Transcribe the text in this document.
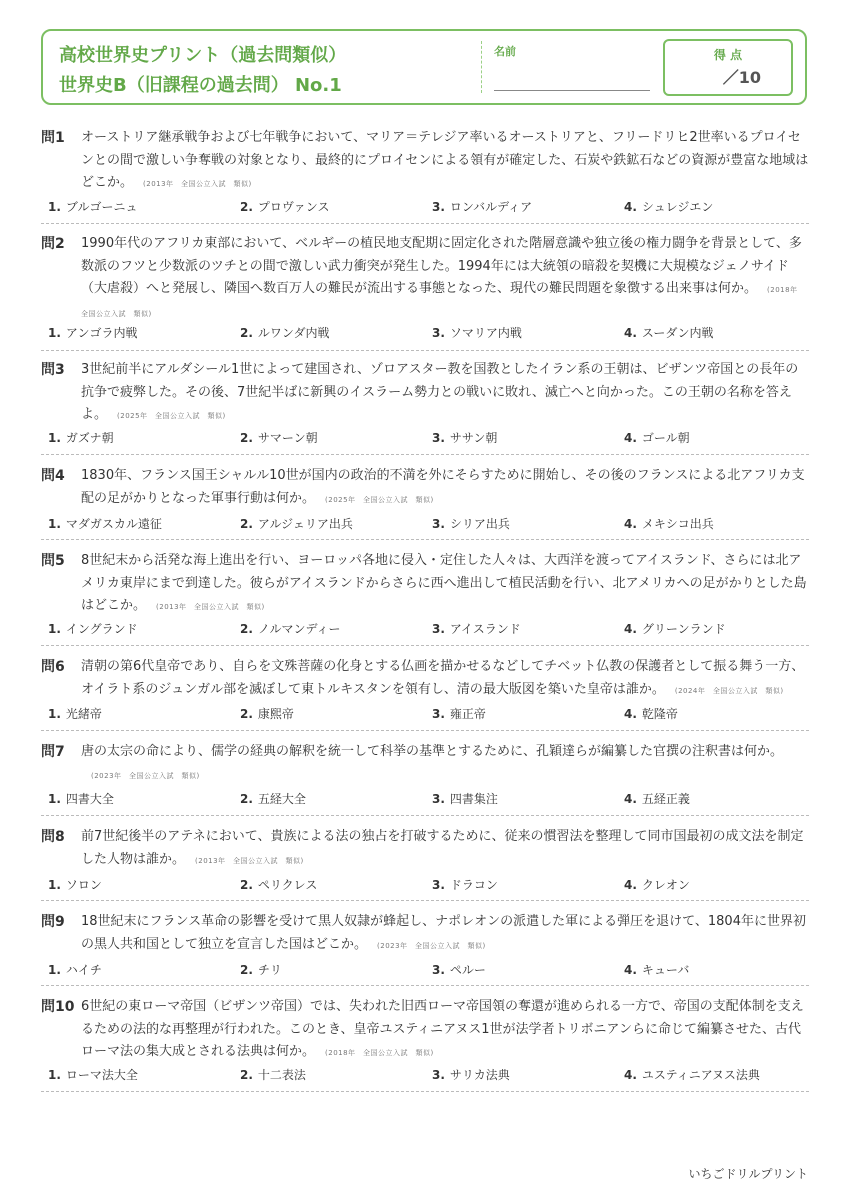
高校世界史プリント（過去問類似）
世界史B（旧課程の過去問） No.1
名前	得 点
／10
問1 オーストリア継承戦争および七年戦争において、マリア＝テレジア率いるオーストリアと、フリードリヒ2世率いるプロイセンとの間で激しい争奪戦の対象となり、最終的にプロイセンによる領有が確定した、石炭や鉄鉱石などの資源が豊富な地域はどこか。 (2013年　全国公立入試　類似)
1. ブルゴーニュ	2. プロヴァンス	3. ロンバルディア	4. シュレジエン
問2 1990年代のアフリカ東部において、ベルギーの植民地支配期に固定化された階層意識や独立後の権力闘争を背景として、多数派のフツと少数派のツチとの間で激しい武力衝突が発生した。1994年には大統領の暗殺を契機に大規模なジェノサイド（大虐殺）へと発展し、隣国へ数百万人の難民が流出する事態となった、現代の難民問題を象徴する出来事は何か。 (2018年　全国公立入試　類似)
1. アンゴラ内戦	2. ルワンダ内戦	3. ソマリア内戦	4. スーダン内戦
問3 3世紀前半にアルダシール1世によって建国され、ゾロアスター教を国教としたイラン系の王朝は、ビザンツ帝国との長年の抗争で疲弊した。その後、7世紀半ばに新興のイスラーム勢力との戦いに敗れ、滅亡へと向かった。この王朝の名称を答えよ。 (2025年　全国公立入試　類似)
1. ガズナ朝	2. サマーン朝	3. ササン朝	4. ゴール朝
問4 1830年、フランス国王シャルル10世が国内の政治的不満を外にそらすために開始し、その後のフランスによる北アフリカ支配の足がかりとなった軍事行動は何か。 (2025年　全国公立入試　類似)
1. マダガスカル遠征	2. アルジェリア出兵	3. シリア出兵	4. メキシコ出兵
問5 8世紀末から活発な海上進出を行い、ヨーロッパ各地に侵入・定住した人々は、大西洋を渡ってアイスランド、さらには北アメリカ東岸にまで到達した。彼らがアイスランドからさらに西へ進出して植民活動を行い、北アメリカへの足がかりとした島はどこか。 (2013年　全国公立入試　類似)
1. イングランド	2. ノルマンディー	3. アイスランド	4. グリーンランド
問6 清朝の第6代皇帝であり、自らを文殊菩薩の化身とする仏画を描かせるなどしてチベット仏教の保護者として振る舞う一方、オイラト系のジュンガル部を滅ぼして東トルキスタンを領有し、清の最大版図を築いた皇帝は誰か。 (2024年　全国公立入試　類似)
1. 光緒帝	2. 康熙帝	3. 雍正帝	4. 乾隆帝
問7 唐の太宗の命により、儒学の経典の解釈を統一して科挙の基準とするために、孔穎達らが編纂した官撰の注釈書は何か。(2023年　全国公立入試　類似)
1. 四書大全	2. 五経大全	3. 四書集注	4. 五経正義
問8 前7世紀後半のアテネにおいて、貴族による法の独占を打破するために、従来の慣習法を整理して同市国最初の成文法を制定した人物は誰か。 (2013年　全国公立入試　類似)
1. ソロン	2. ペリクレス	3. ドラコン	4. クレオン
問9 18世紀末にフランス革命の影響を受けて黒人奴隷が蜂起し、ナポレオンの派遣した軍による弾圧を退けて、1804年に世界初の黒人共和国として独立を宣言した国はどこか。 (2023年　全国公立入試　類似)
1. ハイチ	2. チリ	3. ペルー	4. キューバ
問10 6世紀の東ローマ帝国（ビザンツ帝国）では、失われた旧西ローマ帝国領の奪還が進められる一方で、帝国の支配体制を支えるための法的な再整理が行われた。このとき、皇帝ユスティニアヌス1世が法学者トリボニアンらに命じて編纂させた、古代ローマ法の集大成とされる法典は何か。 (2018年　全国公立入試　類似)
1. ローマ法大全	2. 十二表法	3. サリカ法典	4. ユスティニアヌス法典
いちごドリルプリント
